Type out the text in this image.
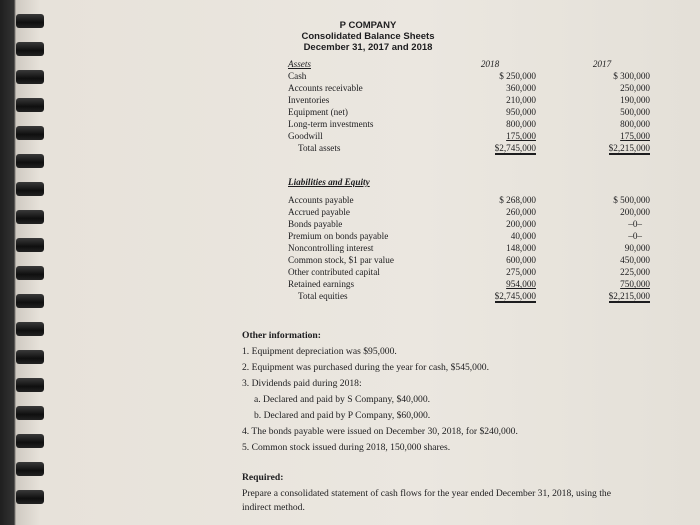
P COMPANY
Consolidated Balance Sheets
December 31, 2017 and 2018
Assets	2018	2017
Cash	$ 250,000	$ 300,000
Accounts receivable	360,000	250,000
Inventories	210,000	190,000
Equipment (net)	950,000	500,000
Long-term investments	800,000	800,000
Goodwill	175,000	175,000
Total assets	$2,745,000	$2,215,000
Liabilities and Equity
Accounts payable	$ 268,000	$ 500,000
Accrued payable	260,000	200,000
Bonds payable	200,000	–0–
Premium on bonds payable	40,000	–0–
Noncontrolling interest	148,000	90,000
Common stock, $1 par value	600,000	450,000
Other contributed capital	275,000	225,000
Retained earnings	954,000	750,000
Total equities	$2,745,000	$2,215,000
Other information:
1. Equipment depreciation was $95,000.
2. Equipment was purchased during the year for cash, $545,000.
3. Dividends paid during 2018:
a. Declared and paid by S Company, $40,000.
b. Declared and paid by P Company, $60,000.
4. The bonds payable were issued on December 30, 2018, for $240,000.
5. Common stock issued during 2018, 150,000 shares.
Required:
Prepare a consolidated statement of cash flows for the year ended December 31, 2018, using the
indirect method.
